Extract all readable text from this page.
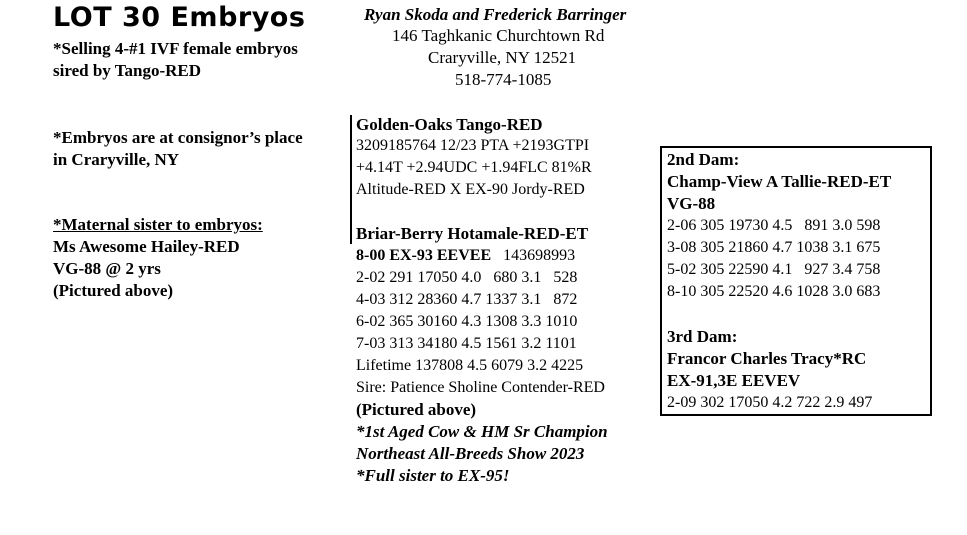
LOT 30 Embryos
*Selling 4-#1 IVF female embryos
sired by Tango-RED
Ryan Skoda and Frederick Barringer
146 Taghkanic Churchtown Rd
Craryville, NY 12521
518-774-1085
*Embryos are at consignor’s place
in Craryville, NY
*Maternal sister to embryos:
Ms Awesome Hailey-RED
VG-88 @ 2 yrs
(Pictured above)
Golden-Oaks Tango-RED
3209185764 12/23 PTA +2193GTPI
+4.14T +2.94UDC +1.94FLC 81%R
Altitude-RED X EX-90 Jordy-RED
Briar-Berry Hotamale-RED-ET
8-00 EX-93 EEVEE 143698993
2-02 291 17050 4.0   680 3.1   528
4-03 312 28360 4.7 1337 3.1   872
6-02 365 30160 4.3 1308 3.3 1010
7-03 313 34180 4.5 1561 3.2 1101
Lifetime 137808 4.5 6079 3.2 4225
Sire: Patience Sholine Contender-RED
(Pictured above)
*1st Aged Cow & HM Sr Champion
Northeast All-Breeds Show 2023
*Full sister to EX-95!
2nd Dam:
Champ-View A Tallie-RED-ET
VG-88
2-06 305 19730 4.5   891 3.0 598
3-08 305 21860 4.7 1038 3.1 675
5-02 305 22590 4.1   927 3.4 758
8-10 305 22520 4.6 1028 3.0 683
3rd Dam:
Francor Charles Tracy*RC
EX-91,3E EEVEV
2-09 302 17050 4.2 722 2.9 497
